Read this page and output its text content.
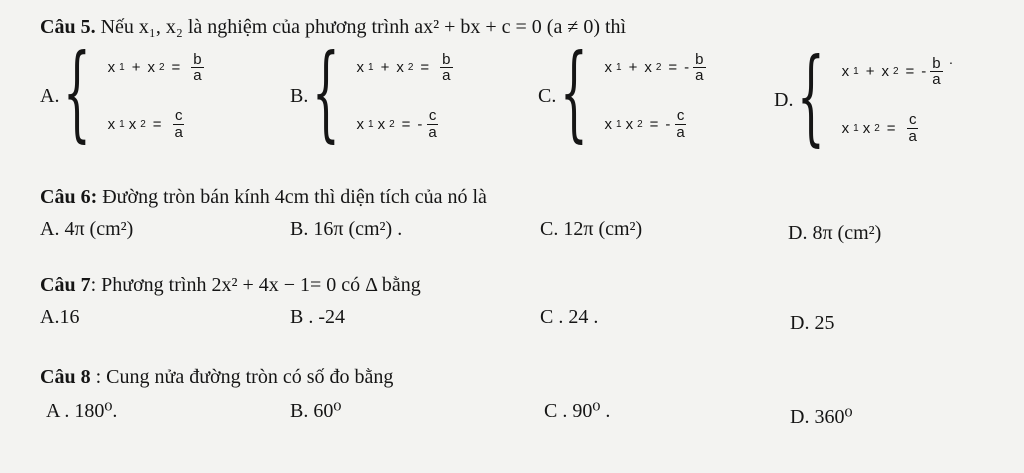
Câu 5. Nếu x₁, x₂ là nghiệm của phương trình ax² + bx + c = 0 (a ≠ 0) thì
A. { x 1 + x $2 = \frac{b}{a}$
x 1 x $2 = \frac{c}{a}$
B. { x 1 + x $2 = \frac{b}{a}$
x 1 x 2 = - $\frac{c}{a}$
C. { x 1 + x 2 = - $\frac{b}{a}$
x 1 x 2 = - $\frac{c}{a}$
D. { x 1 + x 2 = - $\frac{b}{a}$
x 1 x $2 = \frac{c}{a}$
·
Câu 6: Đường tròn bán kính 4cm thì diện tích của nó là
A. 4π (cm²)	B. 16π (cm²) .	C. 12π (cm²)	D. 8π (cm²)
Câu 7: Phương trình 2x² + 4x − 1= 0 có Δ bằng
A.16	B . -24	C . 24 .	D. 25
Câu 8 : Cung nửa đường tròn có số đo bằng
A . 180⁰.	B. 60⁰	C . 90⁰ .	D. 360⁰
